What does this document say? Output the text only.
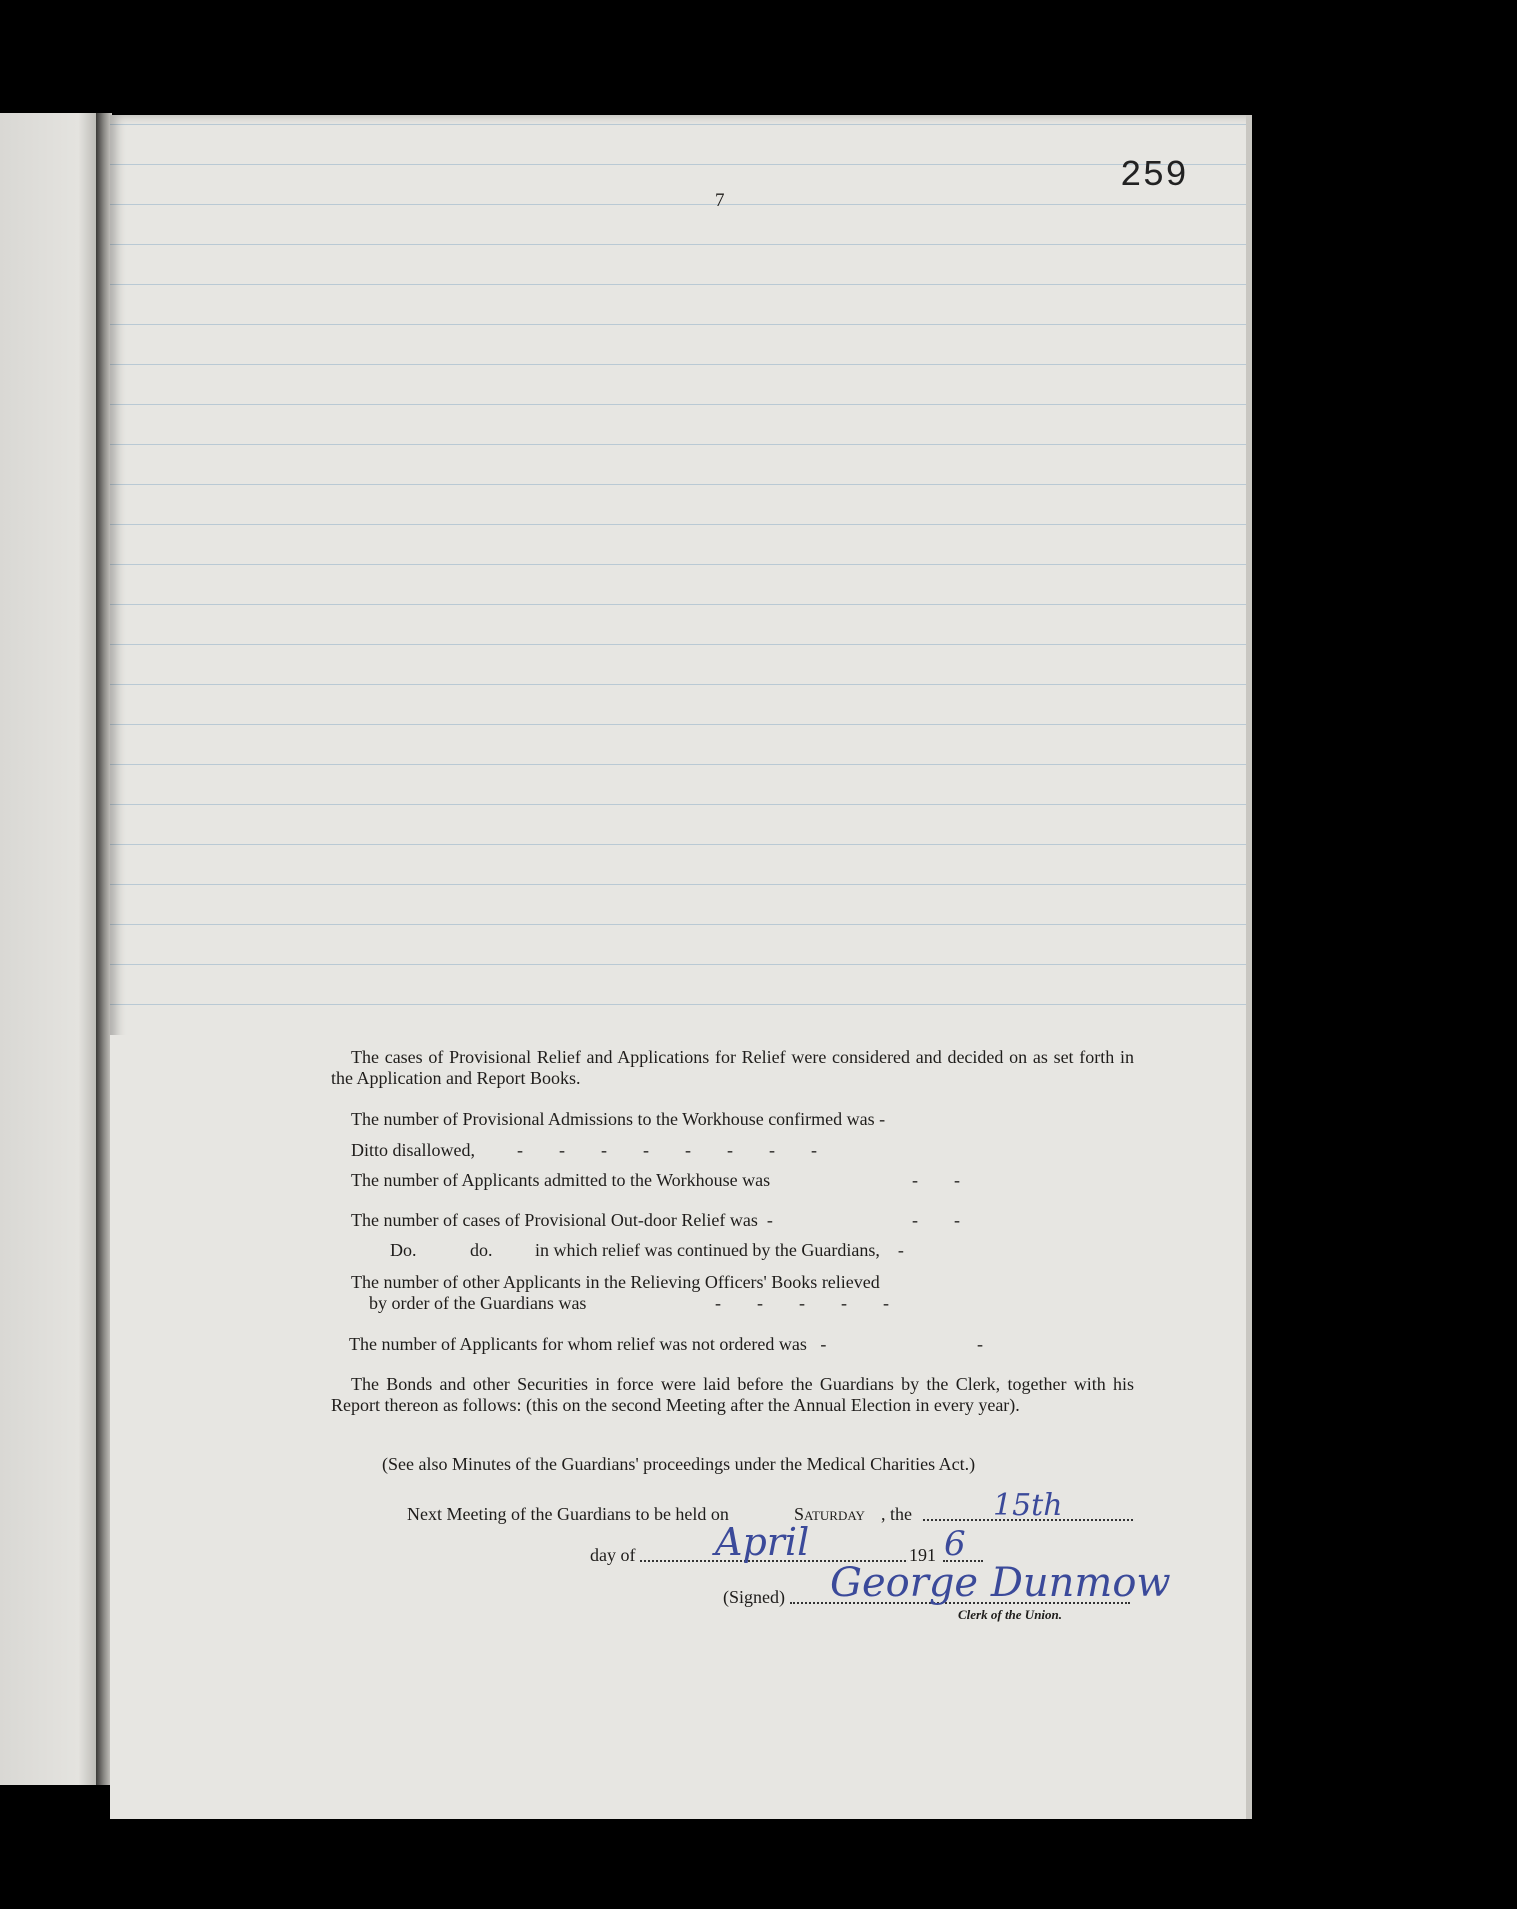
259
7
The cases of Provisional Relief and Applications for Relief were considered and decided on as set forth in the Application and Report Books.
The number of Provisional Admissions to the Workhouse confirmed was -
Ditto disallowed, -        -        -        -        -        -        -        -
The number of Applicants admitted to the Workhouse was	-        -
The number of cases of Provisional Out-door Relief was  -	-        -
Do.	do. in which relief was continued by the Guardians,    -
The number of other Applicants in the Relieving Officers' Books relieved
by order of the Guardians was	-        -        -        -        -
The number of Applicants for whom relief was not ordered was   -	-
The Bonds and other Securities in force were laid before the Guardians by the Clerk, together with his Report thereon as follows: (this on the second Meeting after the Annual Election in every year).
(See also Minutes of the Guardians' proceedings under the Medical Charities Act.)
Next Meeting of the Guardians to be held on	Saturday , the	15th
day of April	191 6
(Signed) George Dunmow
Clerk of the Union.
